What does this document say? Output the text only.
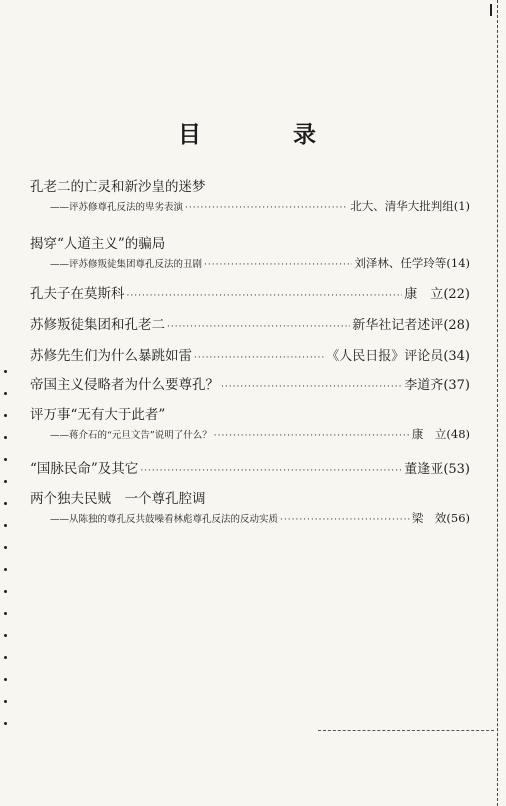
目	录
孔老二的亡灵和新沙皇的迷梦
——评苏修尊孔反法的卑劣表演 ·····	北大、清华大批判组 (1)
揭穿“人道主义”的骗局
——评苏修叛徒集团尊孔反法的丑剧 ·····	刘泽林、任学玲等 (14)
孔夫子在莫斯科 ·····	康　立 (22)
苏修叛徒集团和孔老二 ·····	新华社记者述评 (28)
苏修先生们为什么暴跳如雷 ·····	《人民日报》评论员 (34)
帝国主义侵略者为什么要尊孔？ ·····	李道齐 (37)
评万事“无有大于此者”
——蒋介石的“元旦文告”说明了什么？ ·····	康　立 (48)
“国脉民命”及其它 ·····	董逢亚 (53)
两个独夫民贼　一个尊孔腔调
——从陈独的尊孔反共鼓噪看林彪尊孔反法的反动实质 ·····	梁　效 (56)
